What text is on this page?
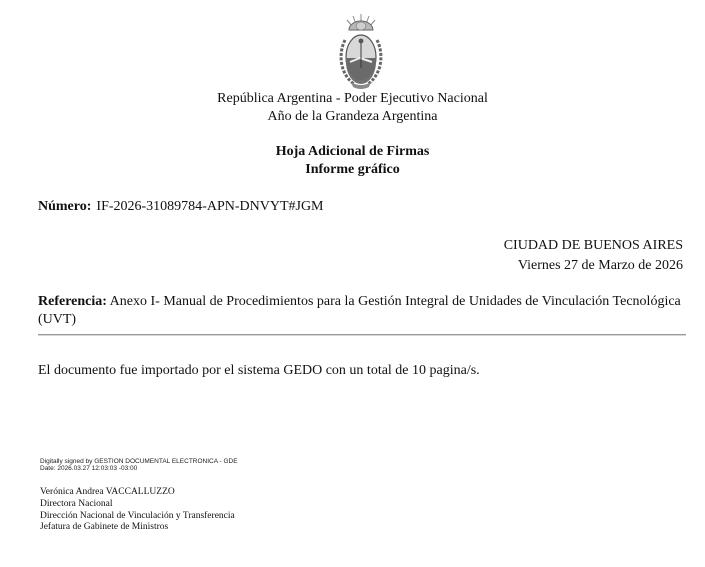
República Argentina - Poder Ejecutivo Nacional
Año de la Grandeza Argentina
Hoja Adicional de Firmas
Informe gráfico
Número: IF-2026-31089784-APN-DNVYT#JGM
CIUDAD DE BUENOS AIRES
Viernes 27 de Marzo de 2026
Referencia: Anexo I- Manual de Procedimientos para la Gestión Integral de Unidades de Vinculación Tecnológica (UVT)
El documento fue importado por el sistema GEDO con un total de 10 pagina/s.
Digitally signed by GESTION DOCUMENTAL ELECTRONICA - GDE
Date: 2026.03.27 12:03:03 -03:00
Verónica Andrea VACCALLUZZO
Directora Nacional
Dirección Nacional de Vinculación y Transferencia
Jefatura de Gabinete de Ministros
